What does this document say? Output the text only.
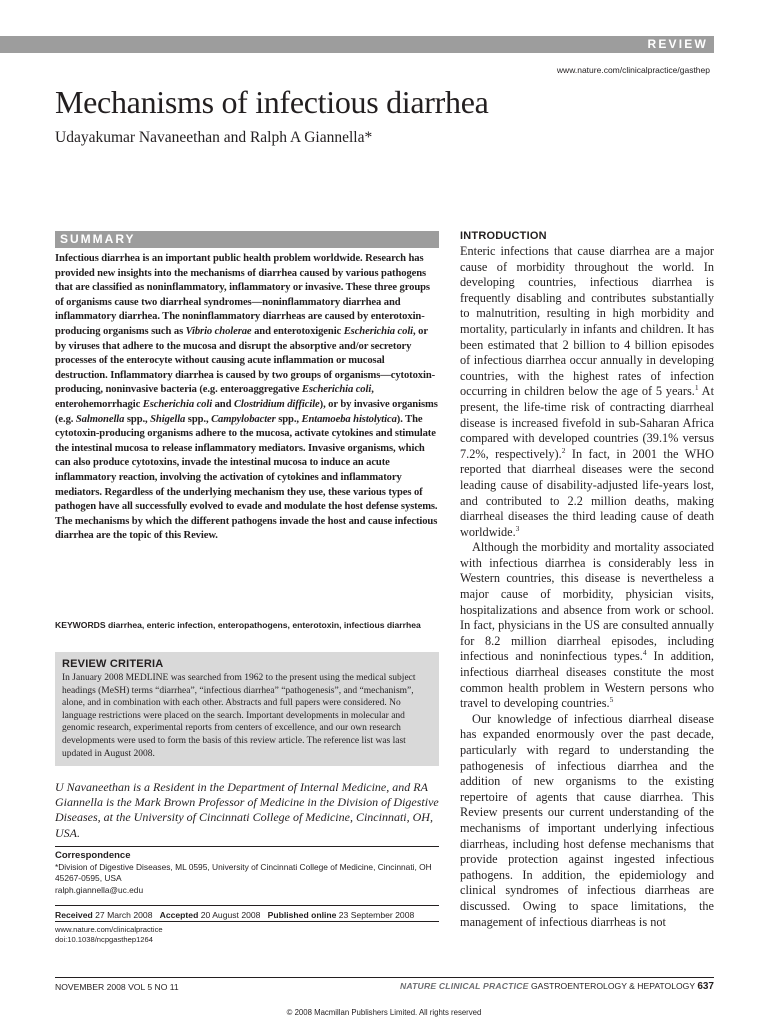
REVIEW
www.nature.com/clinicalpractice/gasthep
Mechanisms of infectious diarrhea
Udayakumar Navaneethan and Ralph A Giannella*
SUMMARY

Infectious diarrhea is an important public health problem worldwide. Research has provided new insights into the mechanisms of diarrhea caused by various pathogens that are classified as noninflammatory, inflammatory or invasive. These three groups of organisms cause two diarrheal syndromes—noninflammatory diarrhea and inflammatory diarrhea. The noninflammatory diarrheas are caused by enterotoxin-producing organisms such as Vibrio cholerae and enterotoxigenic Escherichia coli, or by viruses that adhere to the mucosa and disrupt the absorptive and/or secretory processes of the enterocyte without causing acute inflammation or mucosal destruction. Inflammatory diarrhea is caused by two groups of organisms—cytotoxin-producing, noninvasive bacteria (e.g. enteroaggregative Escherichia coli, enterohemorrhagic Escherichia coli and Clostridium difficile), or by invasive organisms (e.g. Salmonella spp., Shigella spp., Campylobacter spp., Entamoeba histolytica). The cytotoxin-producing organisms adhere to the mucosa, activate cytokines and stimulate the intestinal mucosa to release inflammatory mediators. Invasive organisms, which can also produce cytotoxins, invade the intestinal mucosa to induce an acute inflammatory reaction, involving the activation of cytokines and inflammatory mediators. Regardless of the underlying mechanism they use, these various types of pathogen have all successfully evolved to evade and modulate the host defense systems. The mechanisms by which the different pathogens invade the host and cause infectious diarrhea are the topic of this Review.

KEYWORDS diarrhea, enteric infection, enteropathogens, enterotoxin, infectious diarrhea
REVIEW CRITERIA

In January 2008 MEDLINE was searched from 1962 to the present using the medical subject headings (MeSH) terms “diarrhea”, “infectious diarrhea” “pathogenesis”, and “mechanism”, alone, and in combination with each other. Abstracts and full papers were considered. No language restrictions were placed on the search. Important developments in molecular and genomic research, experimental reports from centers of excellence, and our own research developments were used to form the basis of this review article. The reference list was last updated in August 2008.

U Navaneethan is a Resident in the Department of Internal Medicine, and RA Giannella is the Mark Brown Professor of Medicine in the Division of Digestive Diseases, at the University of Cincinnati College of Medicine, Cincinnati, OH, USA.
Correspondence
*Division of Digestive Diseases, ML 0595, University of Cincinnati College of Medicine, Cincinnati, OH 45267-0595, USA
ralph.giannella@uc.edu
Received 27 March 2008 Accepted 20 August 2008 Published online 23 September 2008
www.nature.com/clinicalpractice
doi:10.1038/ncpgasthep1264
INTRODUCTION

Enteric infections that cause diarrhea are a major cause of morbidity throughout the world. In developing countries, infectious diarrhea is frequently disabling and contributes substantially to malnutrition, resulting in high morbidity and mortality, particularly in infants and children. It has been estimated that 2 billion to 4 billion episodes of infectious diarrhea occur annually in developing countries, with the highest rates of infection occurring in children below the age of 5 years.$^1$ At present, the life-time risk of contracting diarrheal disease is increased fivefold in sub-Saharan Africa compared with developed countries (39.1% versus 7.2%, respectively).$^2$ In fact, in 2001 the WHO reported that diarrheal diseases were the second leading cause of disability-adjusted life-years lost, and contributed to 2.2 million deaths, making diarrheal diseases the third leading cause of death worldwide.$^3$

Although the morbidity and mortality associated with infectious diarrhea is considerably less in Western countries, this disease is nevertheless a major cause of morbidity, physician visits, hospitalizations and absence from work or school. In fact, physicians in the US are consulted annually for 8.2 million diarrheal episodes, including infectious and noninfectious types.$^4$ In addition, infectious diarrheal diseases constitute the most common health problem in Western persons who travel to developing countries.$^5$

Our knowledge of infectious diarrheal disease has expanded enormously over the past decade, particularly with regard to understanding the pathogenesis of infectious diarrhea and the addition of new organisms to the existing repertoire of agents that cause diarrhea. This Review presents our current understanding of the mechanisms of important underlying infectious diarrheas, including host defense mechanisms that provide protection against ingested infectious pathogens. In addition, the epidemiology and clinical syndromes of infectious diarrheas are discussed. Owing to space limitations, the management of infectious diarrheas is not

NOVEMBER 2008 VOL 5 NO 11	NATURE CLINICAL PRACTICE GASTROENTEROLOGY & HEPATOLOGY 637
© 2008 Macmillan Publishers Limited. All rights reserved
